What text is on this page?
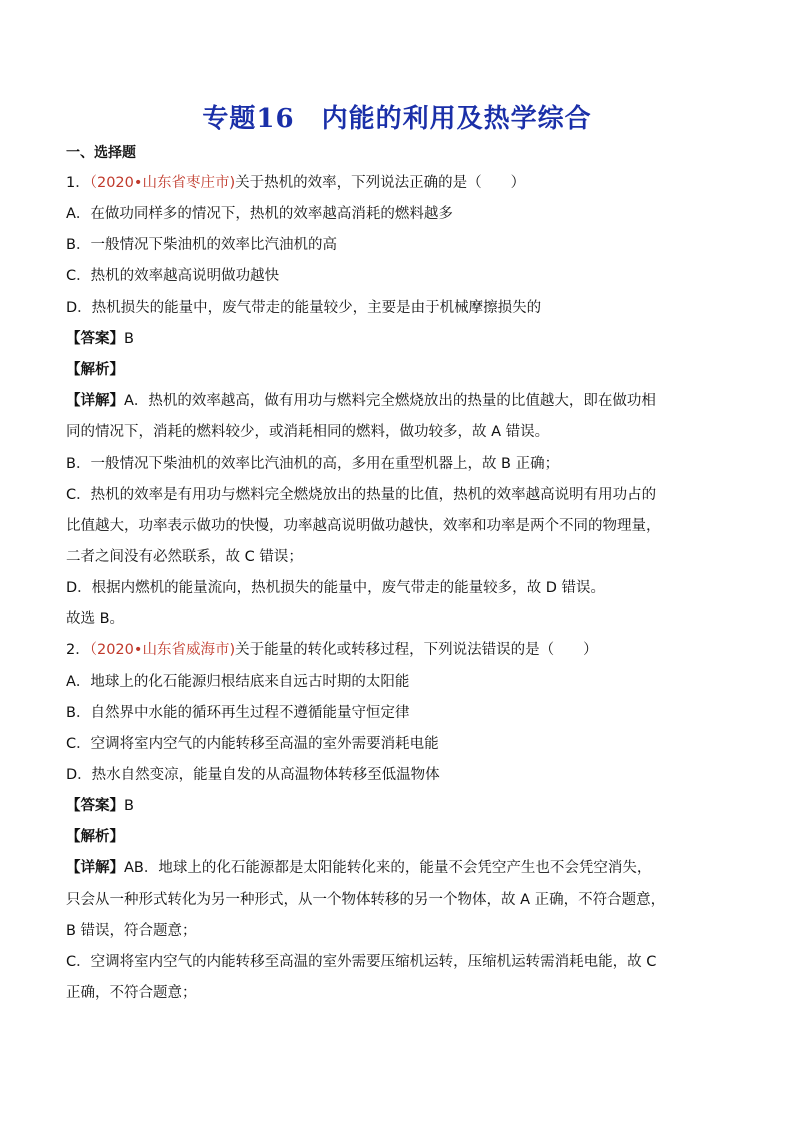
专题16　内能的利用及热学综合
一、选择题
1．（2020•山东省枣庄市)关于热机的效率，下列说法正确的是（　　）
A．在做功同样多的情况下，热机的效率越高消耗的燃料越多
B．一般情况下柴油机的效率比汽油机的高
C．热机的效率越高说明做功越快
D．热机损失的能量中，废气带走的能量较少，主要是由于机械摩擦损失的
【答案】B
【解析】
【详解】A．热机的效率越高，做有用功与燃料完全燃烧放出的热量的比值越大，即在做功相
同的情况下，消耗的燃料较少，或消耗相同的燃料，做功较多，故 A 错误。
B．一般情况下柴油机的效率比汽油机的高，多用在重型机器上，故 B 正确；
C．热机的效率是有用功与燃料完全燃烧放出的热量的比值，热机的效率越高说明有用功占的
比值越大，功率表示做功的快慢，功率越高说明做功越快，效率和功率是两个不同的物理量，
二者之间没有必然联系，故 C 错误；
D．根据内燃机的能量流向，热机损失的能量中，废气带走的能量较多，故 D 错误。
故选 B。
2．（2020•山东省威海市)关于能量的转化或转移过程，下列说法错误的是（　　）
A．地球上的化石能源归根结底来自远古时期的太阳能
B．自然界中水能的循环再生过程不遵循能量守恒定律
C．空调将室内空气的内能转移至高温的室外需要消耗电能
D．热水自然变凉，能量自发的从高温物体转移至低温物体
【答案】B
【解析】
【详解】AB．地球上的化石能源都是太阳能转化来的，能量不会凭空产生也不会凭空消失，
只会从一种形式转化为另一种形式，从一个物体转移的另一个物体，故 A 正确，不符合题意，
B 错误，符合题意；
C．空调将室内空气的内能转移至高温的室外需要压缩机运转，压缩机运转需消耗电能，故 C
正确，不符合题意；
